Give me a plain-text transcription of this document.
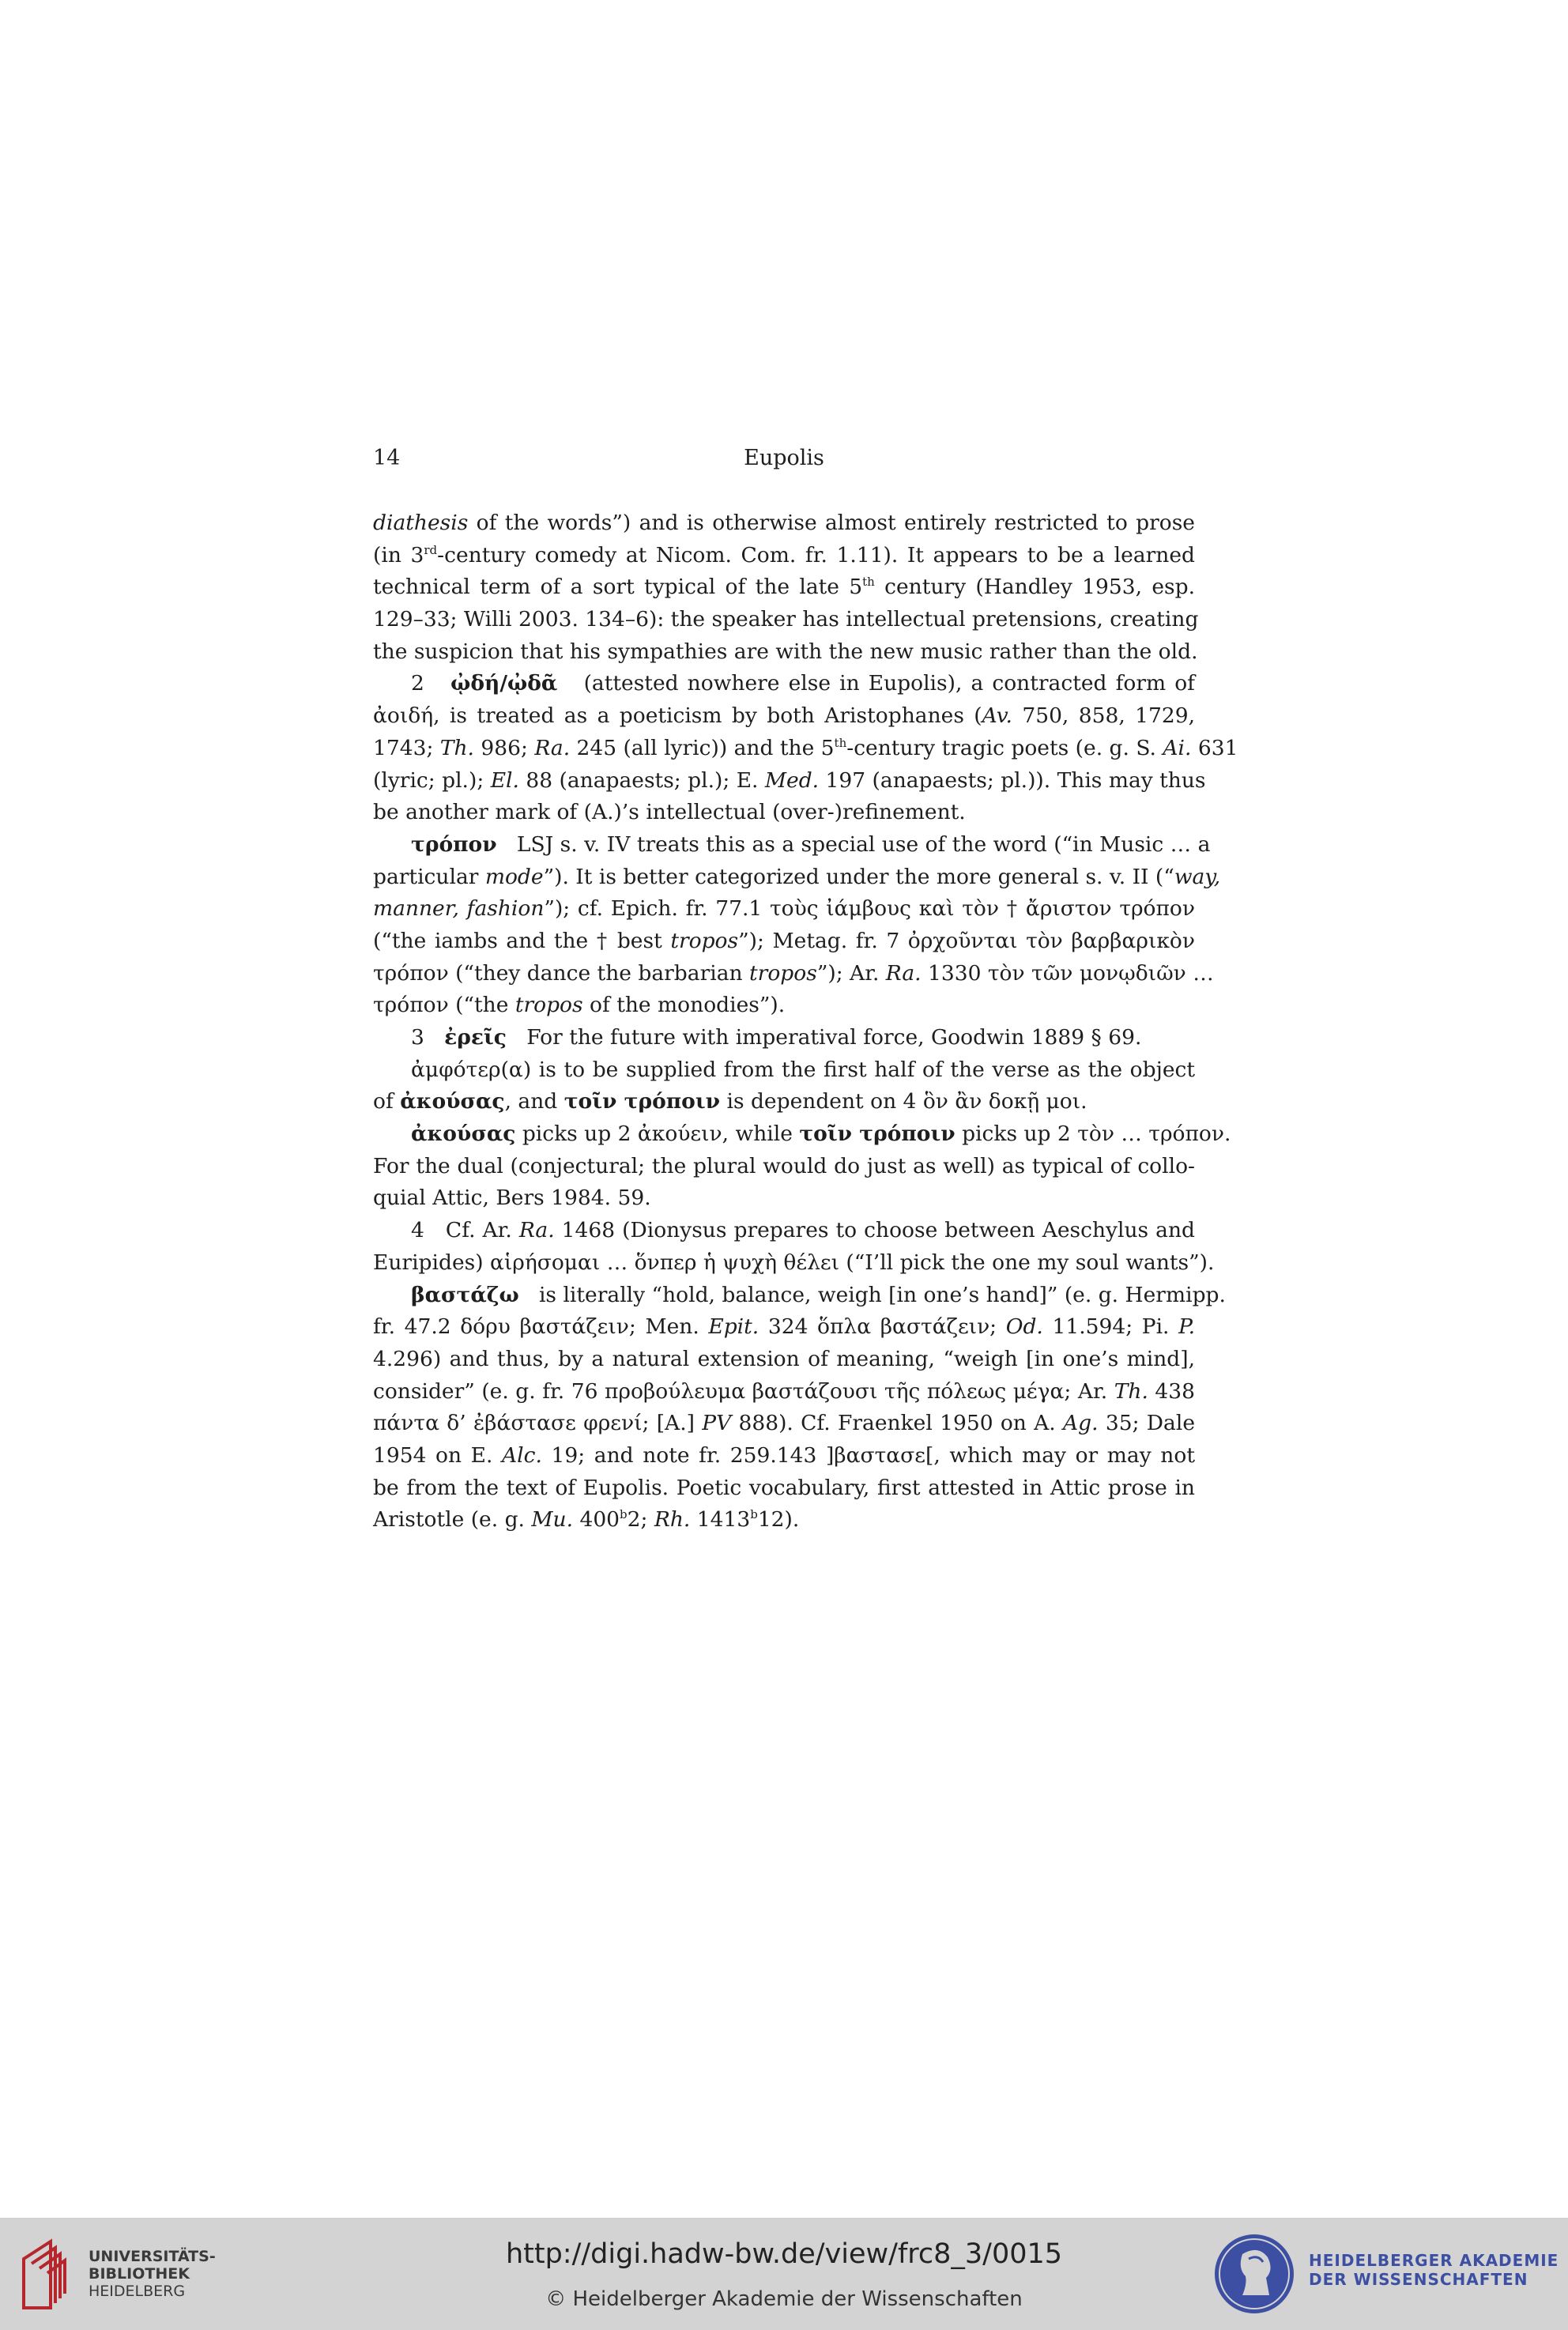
14	Eupolis
diathesis of the words”) and is otherwise almost entirely restricted to prose
(in 3rd-century comedy at Nicom. Com. fr. 1.11). It appears to be a learned
technical term of a sort typical of the late 5th century (Handley 1953, esp.
129–33; Willi 2003. 134–6): the speaker has intellectual pretensions, creating
the suspicion that his sympathies are with the new music rather than the old.
2   ᾠδή/ᾠδᾶ   (attested nowhere else in Eupolis), a contracted form of
ἀοιδή, is treated as a poeticism by both Aristophanes (Av. 750, 858, 1729,
1743; Th. 986; Ra. 245 (all lyric)) and the 5th-century tragic poets (e. g. S. Ai. 631
(lyric; pl.); El. 88 (anapaests; pl.); E. Med. 197 (anapaests; pl.)). This may thus
be another mark of (A.)’s intellectual (over-)refinement.
τρόπον   LSJ s. v. IV treats this as a special use of the word (“in Music … a
particular mode”). It is better categorized under the more general s. v. II (“way,
manner, fashion”); cf. Epich. fr. 77.1 τοὺς ἰάμβους καὶ τὸν † ἄριστον τρόπον
(“the iambs and the † best tropos”); Metag. fr. 7 ὀρχοῦνται τὸν βαρβαρικὸν
τρόπον (“they dance the barbarian tropos”); Ar. Ra. 1330 τὸν τῶν μονῳδιῶν …
τρόπον (“the tropos of the monodies”).
3   ἐρεῖς   For the future with imperatival force, Goodwin 1889 § 69.
ἀμφότερ(α) is to be supplied from the first half of the verse as the object
of ἀκούσας, and τοῖν τρόποιν is dependent on 4 ὃν ἂν δοκῇ μοι.
ἀκούσας picks up 2 ἀκούειν, while τοῖν τρόποιν picks up 2 τὸν … τρόπον.
For the dual (conjectural; the plural would do just as well) as typical of collo-
quial Attic, Bers 1984. 59.
4   Cf. Ar. Ra. 1468 (Dionysus prepares to choose between Aeschylus and
Euripides) αἱρήσομαι … ὅνπερ ἡ ψυχὴ θέλει (“I’ll pick the one my soul wants”).
βαστάζω   is literally “hold, balance, weigh [in one’s hand]” (e. g. Hermipp.
fr. 47.2 δόρυ βαστάζειν; Men. Epit. 324 ὅπλα βαστάζειν; Od. 11.594; Pi. P.
4.296) and thus, by a natural extension of meaning, “weigh [in one’s mind],
consider” (e. g. fr. 76 προβούλευμα βαστάζουσι τῆς πόλεως μέγα; Ar. Th. 438
πάντα δ’ ἐβάστασε φρενί; [A.] PV 888). Cf. Fraenkel 1950 on A. Ag. 35; Dale
1954 on E. Alc. 19; and note fr. 259.143 ]βαστασε[, which may or may not
be from the text of Eupolis. Poetic vocabulary, first attested in Attic prose in
Aristotle (e. g. Mu. 400$^b$2; Rh. 1413$^b$12).
UNIVERSITÄTS-
BIBLIOTHEK
HEIDELBERG
http://digi.hadw-bw.de/view/frc8_3/0015
© Heidelberger Akademie der Wissenschaften
HEIDELBERGER AKADEMIE
DER WISSENSCHAFTEN
